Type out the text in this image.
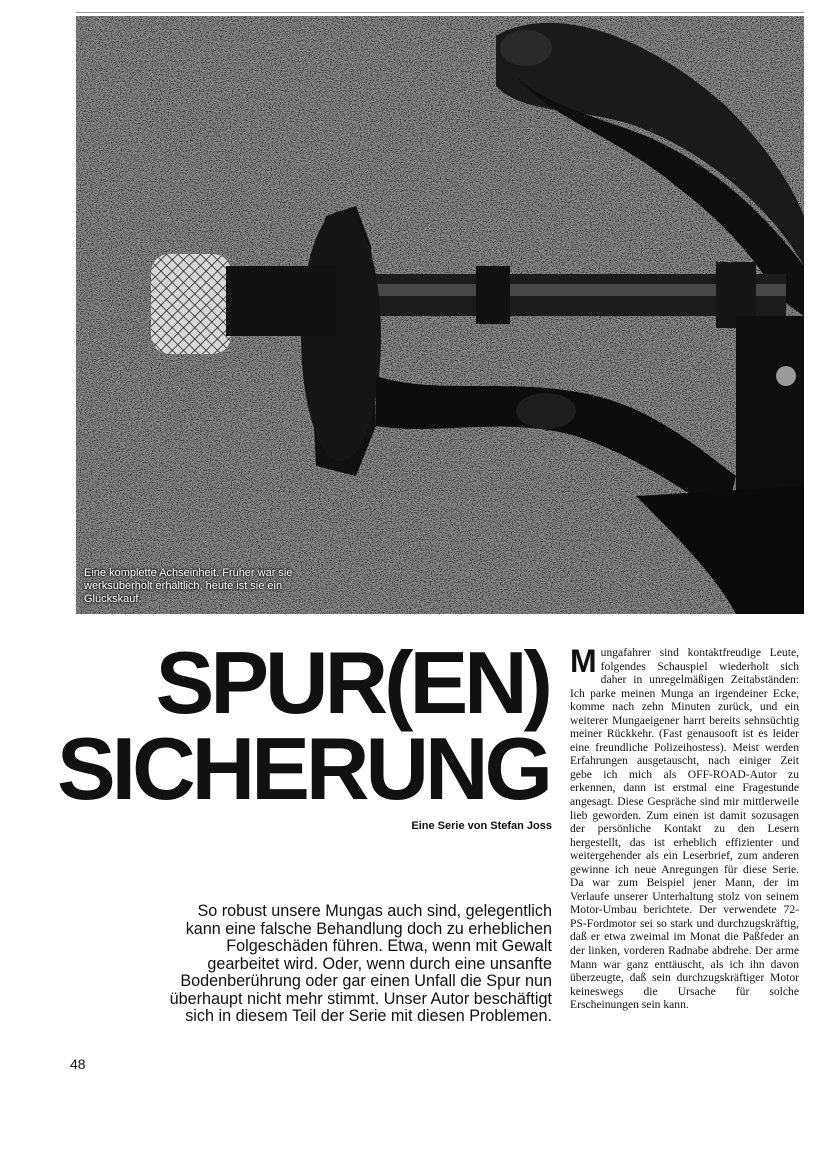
Eine komplette Achseinheit. Früher war sie werksüberholt erhältlich, heute ist sie ein Glückskauf.
SPUR(EN)
SICHERUNG
Eine Serie von Stefan Joss
So robust unsere Mungas auch sind, gelegentlich kann eine falsche Behandlung doch zu erheblichen Folgeschäden führen. Etwa, wenn mit Gewalt gearbeitet wird. Oder, wenn durch eine unsanfte Bodenberührung oder gar einen Unfall die Spur nun überhaupt nicht mehr stimmt. Unser Autor beschäftigt sich in diesem Teil der Serie mit diesen Problemen.
Mungafahrer sind kontaktfreudige Leute, folgendes Schauspiel wiederholt sich daher in unregelmäßigen Zeitabständen: Ich parke meinen Munga an irgendeiner Ecke, komme nach zehn Minuten zurück, und ein weiterer Mungaeigener harrt bereits sehnsüchtig meiner Rückkehr. (Fast genausooft ist es leider eine freundliche Polizeihostess). Meist werden Erfahrungen ausgetauscht, nach einiger Zeit gebe ich mich als OFF-ROAD-Autor zu erkennen, dann ist erstmal eine Fragestunde angesagt. Diese Gespräche sind mir mittlerweile lieb geworden. Zum einen ist damit sozusagen der persönliche Kontakt zu den Lesern hergestellt, das ist erheblich effizienter und weitergehender als ein Leserbrief, zum anderen gewinne ich neue Anregungen für diese Serie. Da war zum Beispiel jener Mann, der im Verlaufe unserer Unterhaltung stolz von seinem Motor-Umbau berichtete. Der verwendete 72-PS-Fordmotor sei so stark und durchzugskräftig, daß er etwa zweimal im Monat die Paßfeder an der linken, vorderen Radnabe abdrehe. Der arme Mann war ganz enttäuscht, als ich ihn davon überzeugte, daß sein durchzugskräftiger Motor keineswegs die Ursache für solche Erscheinungen sein kann.
48
